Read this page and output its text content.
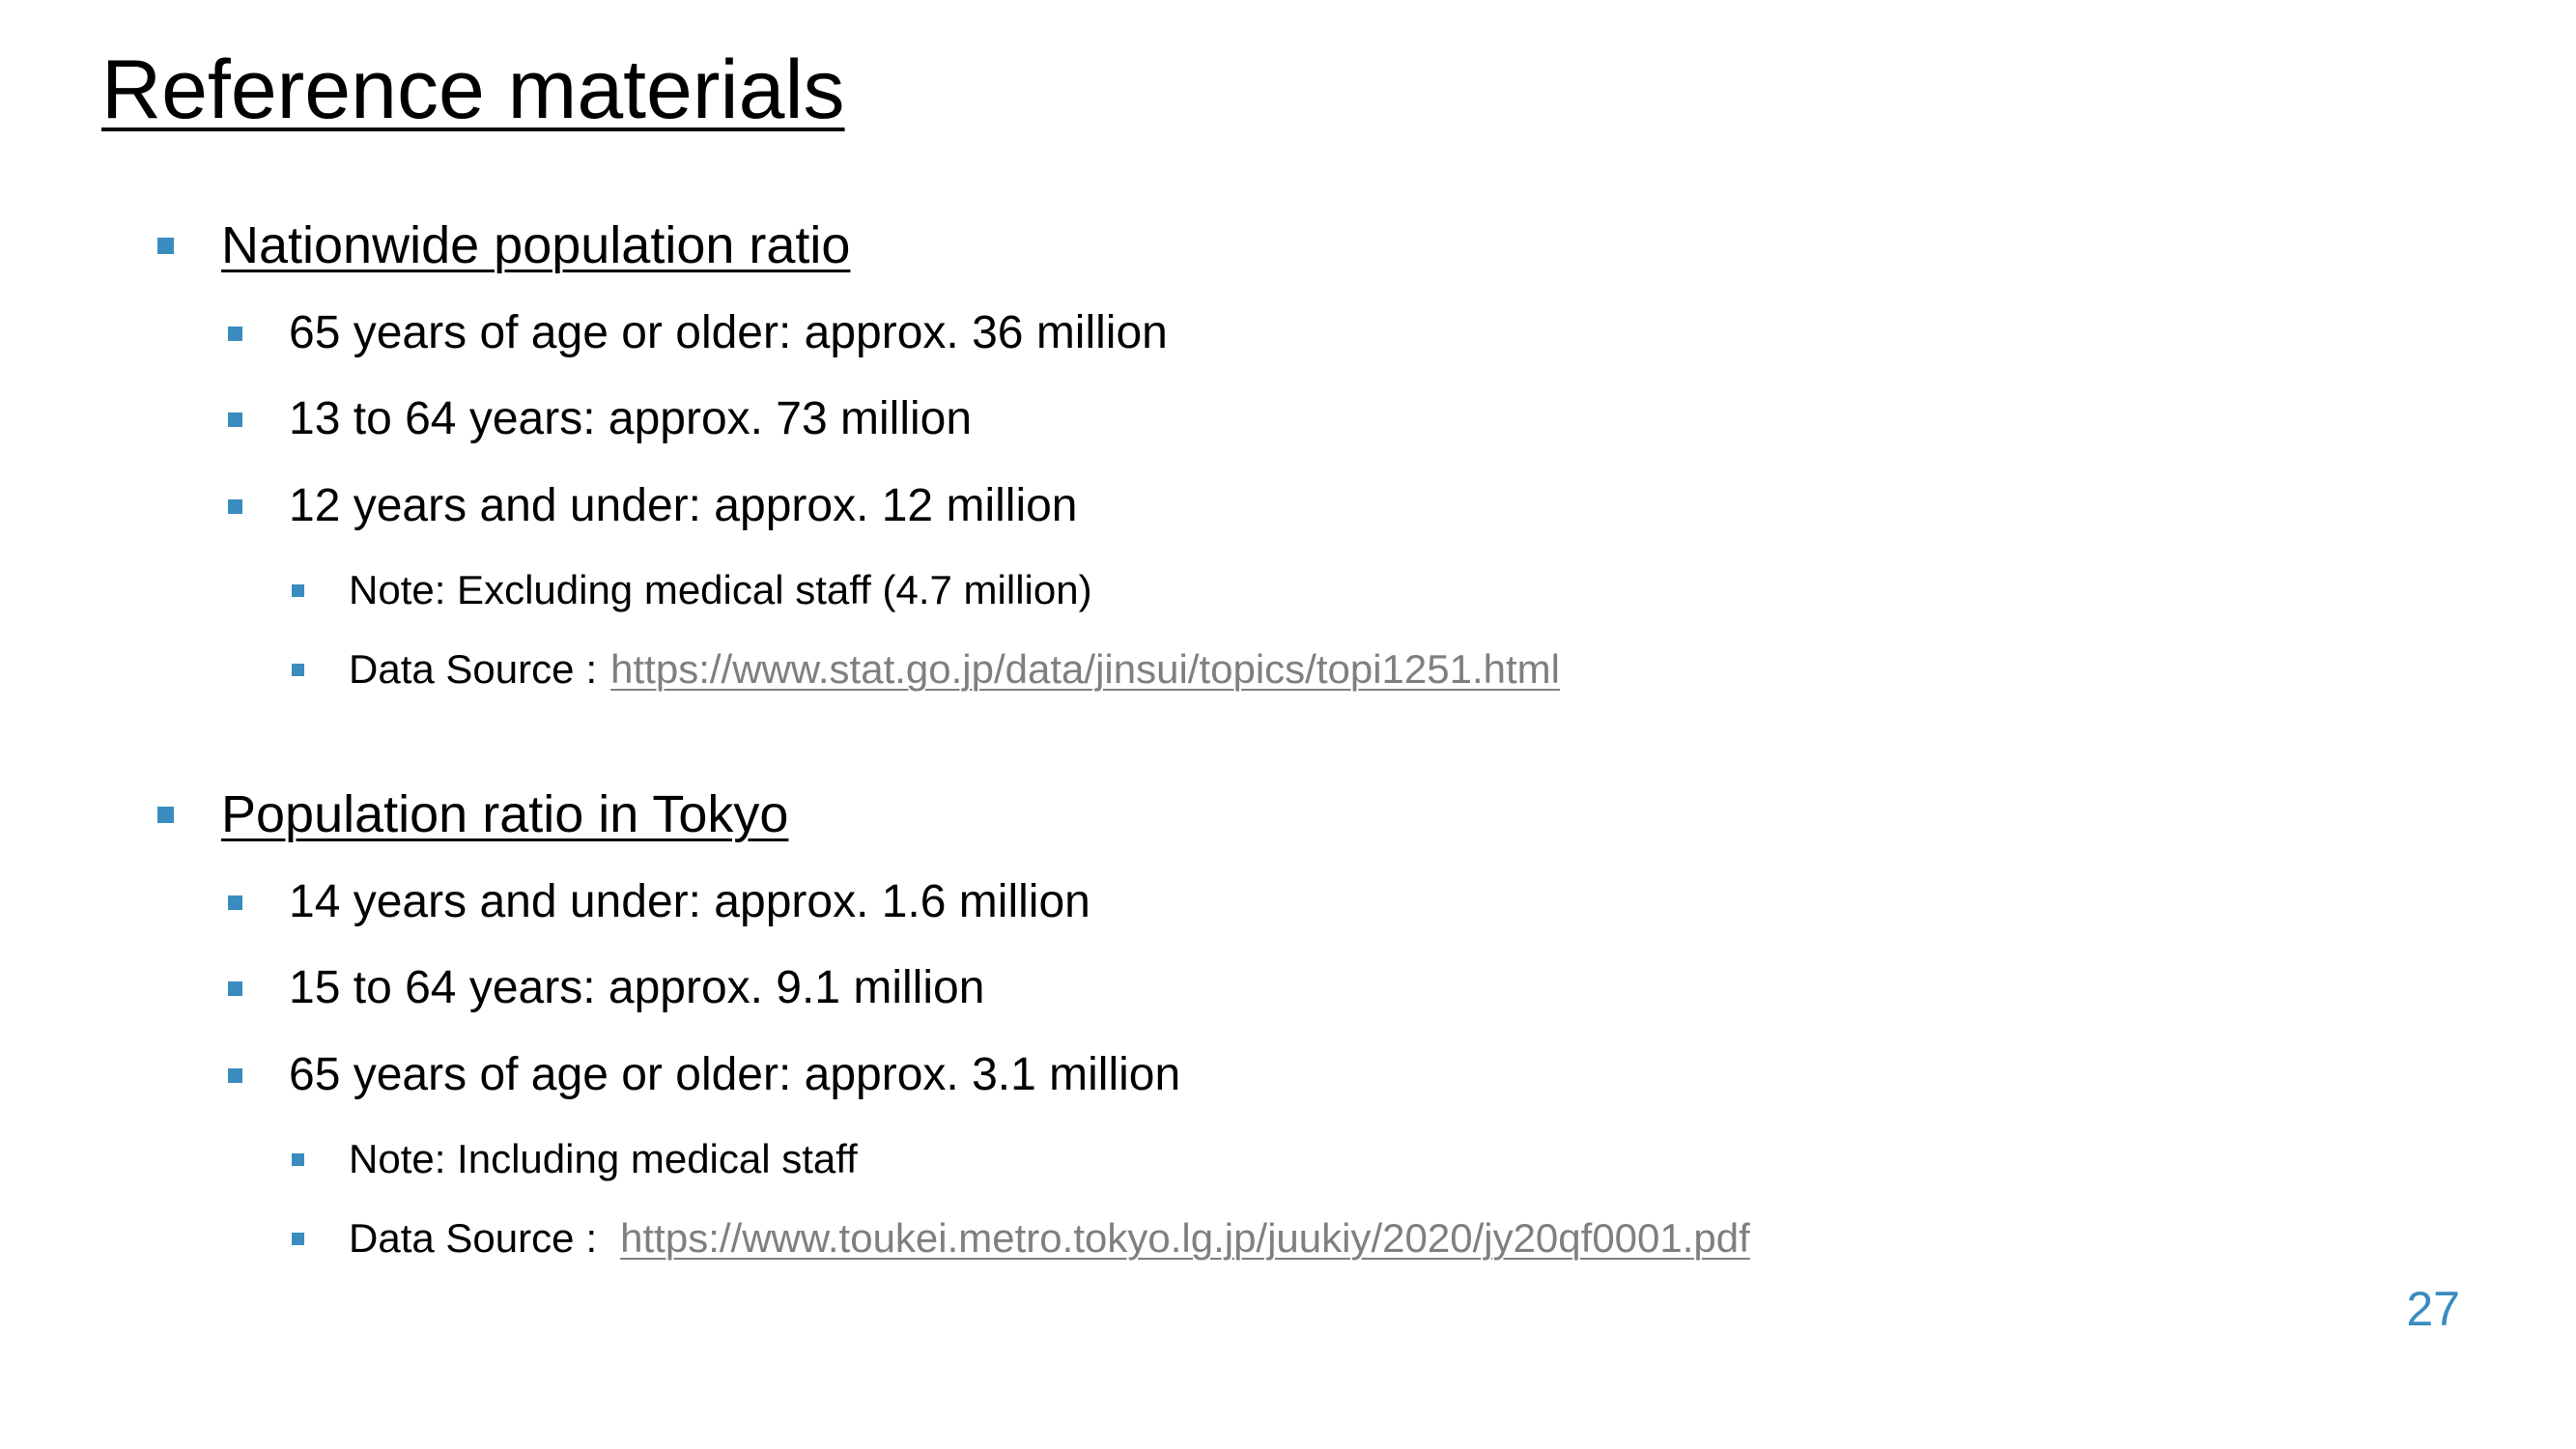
Reference materials
Nationwide population ratio
65 years of age or older: approx. 36 million
13 to 64 years: approx. 73 million
12 years and under: approx. 12 million
Note: Excluding medical staff (4.7 million)
Data Source : https://www.stat.go.jp/data/jinsui/topics/topi1251.html
Population ratio in Tokyo
14 years and under: approx. 1.6 million
15 to 64 years: approx. 9.1 million
65 years of age or older: approx. 3.1 million
Note: Including medical staff
Data Source : https://www.toukei.metro.tokyo.lg.jp/juukiy/2020/jy20qf0001.pdf
27
